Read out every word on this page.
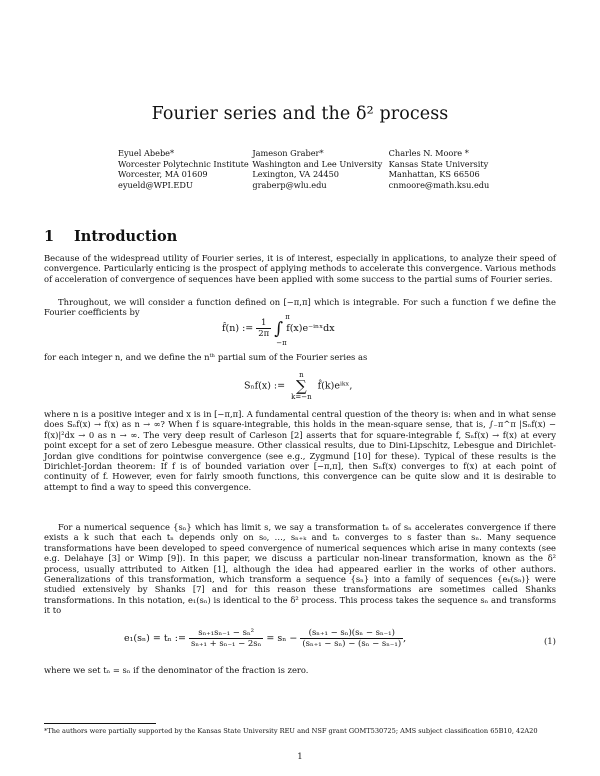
Fourier series and the δ² process
Eyuel Abebe*
Worcester Polytechnic Institute
Worcester, MA 01609
eyueld@WPI.EDU
Jameson Graber*
Washington and Lee University
Lexington, VA 24450
graberp@wlu.edu
Charles N. Moore *
Kansas State University
Manhattan, KS 66506
cnmoore@math.ksu.edu
1 Introduction

Because of the widespread utility of Fourier series, it is of interest, especially in applications, to analyze their speed of convergence. Particularly enticing is the prospect of applying methods to accelerate this convergence. Various methods of acceleration of convergence of sequences have been applied with some success to the partial sums of Fourier series.

Throughout, we will consider a function defined on [−π,π] which is integrable. For such a function f we define the Fourier coefficients by

f̂(n) := $\frac{1}{2\pi}$ ∫
π
−π
f(x)e⁻ⁱⁿˣdx

for each integer n, and we define the nᵗʰ partial sum of the Fourier series as

Sₙf(x) :=
n
∑
k=−n
f̂(k)eⁱᵏˣ,

where n is a positive integer and x is in [−π,π]. A fundamental central question of the theory is: when and in what sense does Sₙf(x) → f(x) as n → ∞? When f is square-integrable, this holds in the mean-square sense, that is, ∫₋π^π |Sₙf(x) − f(x)|²dx → 0 as n → ∞. The very deep result of Carleson [2] asserts that for square-integrable f, Sₙf(x) → f(x) at every point except for a set of zero Lebesgue measure. Other classical results, due to Dini-Lipschitz, Lebesgue and Dirichlet-Jordan give conditions for pointwise convergence (see e.g., Zygmund [10] for these). Typical of these results is the Dirichlet-Jordan theorem: If f is of bounded variation over [−π,π], then Sₙf(x) converges to f(x) at each point of continuity of f. However, even for fairly smooth functions, this convergence can be quite slow and it is desirable to attempt to find a way to speed this convergence.

For a numerical sequence {sₙ} which has limit s, we say a transformation tₙ of sₙ accelerates convergence if there exists a k such that each tₙ depends only on s₀, …, sₙ₊ₖ and tₙ converges to s faster than sₙ. Many sequence transformations have been developed to speed convergence of numerical sequences which arise in many contexts (see e.g. Delahaye [3] or Wimp [9]). In this paper, we discuss a particular non-linear transformation, known as the δ² process, usually attributed to Aitken [1], although the idea had appeared earlier in the works of other authors. Generalizations of this transformation, which transform a sequence {sₙ} into a family of sequences {eₖ(sₙ)} were studied extensively by Shanks [7] and for this reason these transformations are sometimes called Shanks transformations. In this notation, e₁(sₙ) is identical to the δ² process. This process takes the sequence sₙ and transforms it to

e₁(sₙ) = tₙ := $\frac{\text{sₙ₊₁sₙ₋₁ − sₙ²}}{\text{sₙ₊₁ + sₙ₋₁ − 2sₙ}} = s_n - \frac{\text{(sₙ₊₁ − sₙ)(sₙ − sₙ₋₁)}}{\text{(sₙ₊₁ − sₙ) − (sₙ − sₙ₋₁)}}$ ,	(1)

where we set tₙ = sₙ if the denominator of the fraction is zero.

*The authors were partially supported by the Kansas State University REU and NSF grant GOMT530725; AMS subject classification 65B10, 42A20
1
